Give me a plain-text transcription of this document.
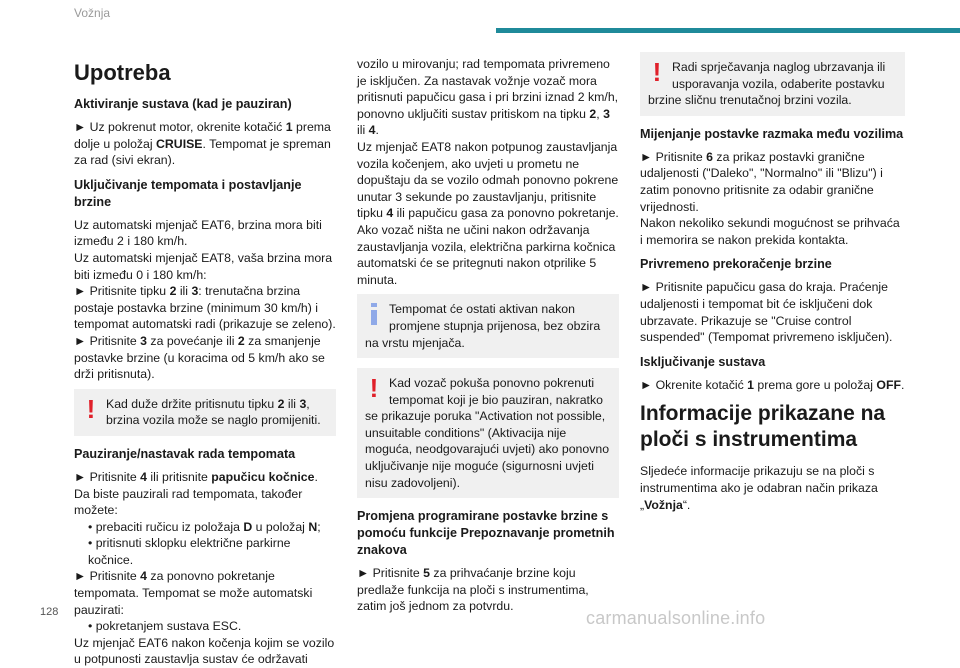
Vožnja
Upotreba
Aktiviranje sustava (kad je pauziran)

► Uz pokrenut motor, okrenite kotačić 1 prema dolje u položaj CRUISE. Tempomat je spreman za rad (sivi ekran).

Uključivanje tempomata i postavljanje brzine

Uz automatski mjenjač EAT6, brzina mora biti između 2 i 180 km/h.

Uz automatski mjenjač EAT8, vaša brzina mora biti između 0 i 180 km/h:

► Pritisnite tipku 2 ili 3: trenutačna brzina postaje postavka brzine (minimum 30 km/h) i tempomat automatski radi (prikazuje se zeleno).

► Pritisnite 3 za povećanje ili 2 za smanjenje postavke brzine (u koracima od 5 km/h ako se drži pritisnuta).

! Kad duže držite pritisnutu tipku 2 ili 3, brzina vozila može se naglo promijeniti.
Pauziranje/nastavak rada tempomata

► Pritisnite 4 ili pritisnite papučicu kočnice. Da biste pauzirali rad tempomata, također možete:

• prebaciti ručicu iz položaja D u položaj N;

• pritisnuti sklopku električne parkirne kočnice.

► Pritisnite 4 za ponovno pokretanje tempomata. Tempomat se može automatski pauzirati:

• pokretanjem sustava ESC.

Uz mjenjač EAT6 nakon kočenja kojim se vozilo u potpunosti zaustavlja sustav će održavati

vozilo u mirovanju; rad tempomata privremeno je isključen. Za nastavak vožnje vozač mora pritisnuti papučicu gasa i pri brzini iznad 2 km/h, ponovno uključiti sustav pritiskom na tipku 2, 3 ili 4.

Uz mjenjač EAT8 nakon potpunog zaustavljanja vozila kočenjem, ako uvjeti u prometu ne dopuštaju da se vozilo odmah ponovno pokrene unutar 3 sekunde po zaustavljanju, pritisnite tipku 4 ili papučicu gasa za ponovno pokretanje. Ako vozač ništa ne učini nakon održavanja zaustavljanja vozila, električna parkirna kočnica automatski će se pritegnuti nakon otprilike 5 minuta.

Tempomat će ostati aktivan nakon promjene stupnja prijenosa, bez obzira na vrstu mjenjača.
! Kad vozač pokuša ponovno pokrenuti tempomat koji je bio pauziran, nakratko se prikazuje poruka "Activation not possible, unsuitable conditions" (Aktivacija nije moguća, neodgovarajući uvjeti) ako ponovno uključivanje nije moguće (sigurnosni uvjeti nisu zadovoljeni).
Promjena programirane postavke brzine s pomoću funkcije Prepoznavanje prometnih znakova

► Pritisnite 5 za prihvaćanje brzine koju predlaže funkcija na ploči s instrumentima, zatim još jednom za potvrdu.

! Radi sprječavanja naglog ubrzavanja ili usporavanja vozila, odaberite postavku brzine sličnu trenutačnoj brzini vozila.
Mijenjanje postavke razmaka među vozilima

► Pritisnite 6 za prikaz postavki granične udaljenosti ("Daleko", "Normalno" ili "Blizu") i zatim ponovno pritisnite za odabir granične vrijednosti.

Nakon nekoliko sekundi mogućnost se prihvaća i memorira se nakon prekida kontakta.

Privremeno prekoračenje brzine

► Pritisnite papučicu gasa do kraja. Praćenje udaljenosti i tempomat bit će isključeni dok ubrzavate. Prikazuje se "Cruise control suspended" (Tempomat privremeno isključen).

Isključivanje sustava

► Okrenite kotačić 1 prema gore u položaj OFF.

Informacije prikazane na ploči s instrumentima

Sljedeće informacije prikazuju se na ploči s instrumentima ako je odabran način prikaza „Vožnja“.

128	carmanualsonline.info
